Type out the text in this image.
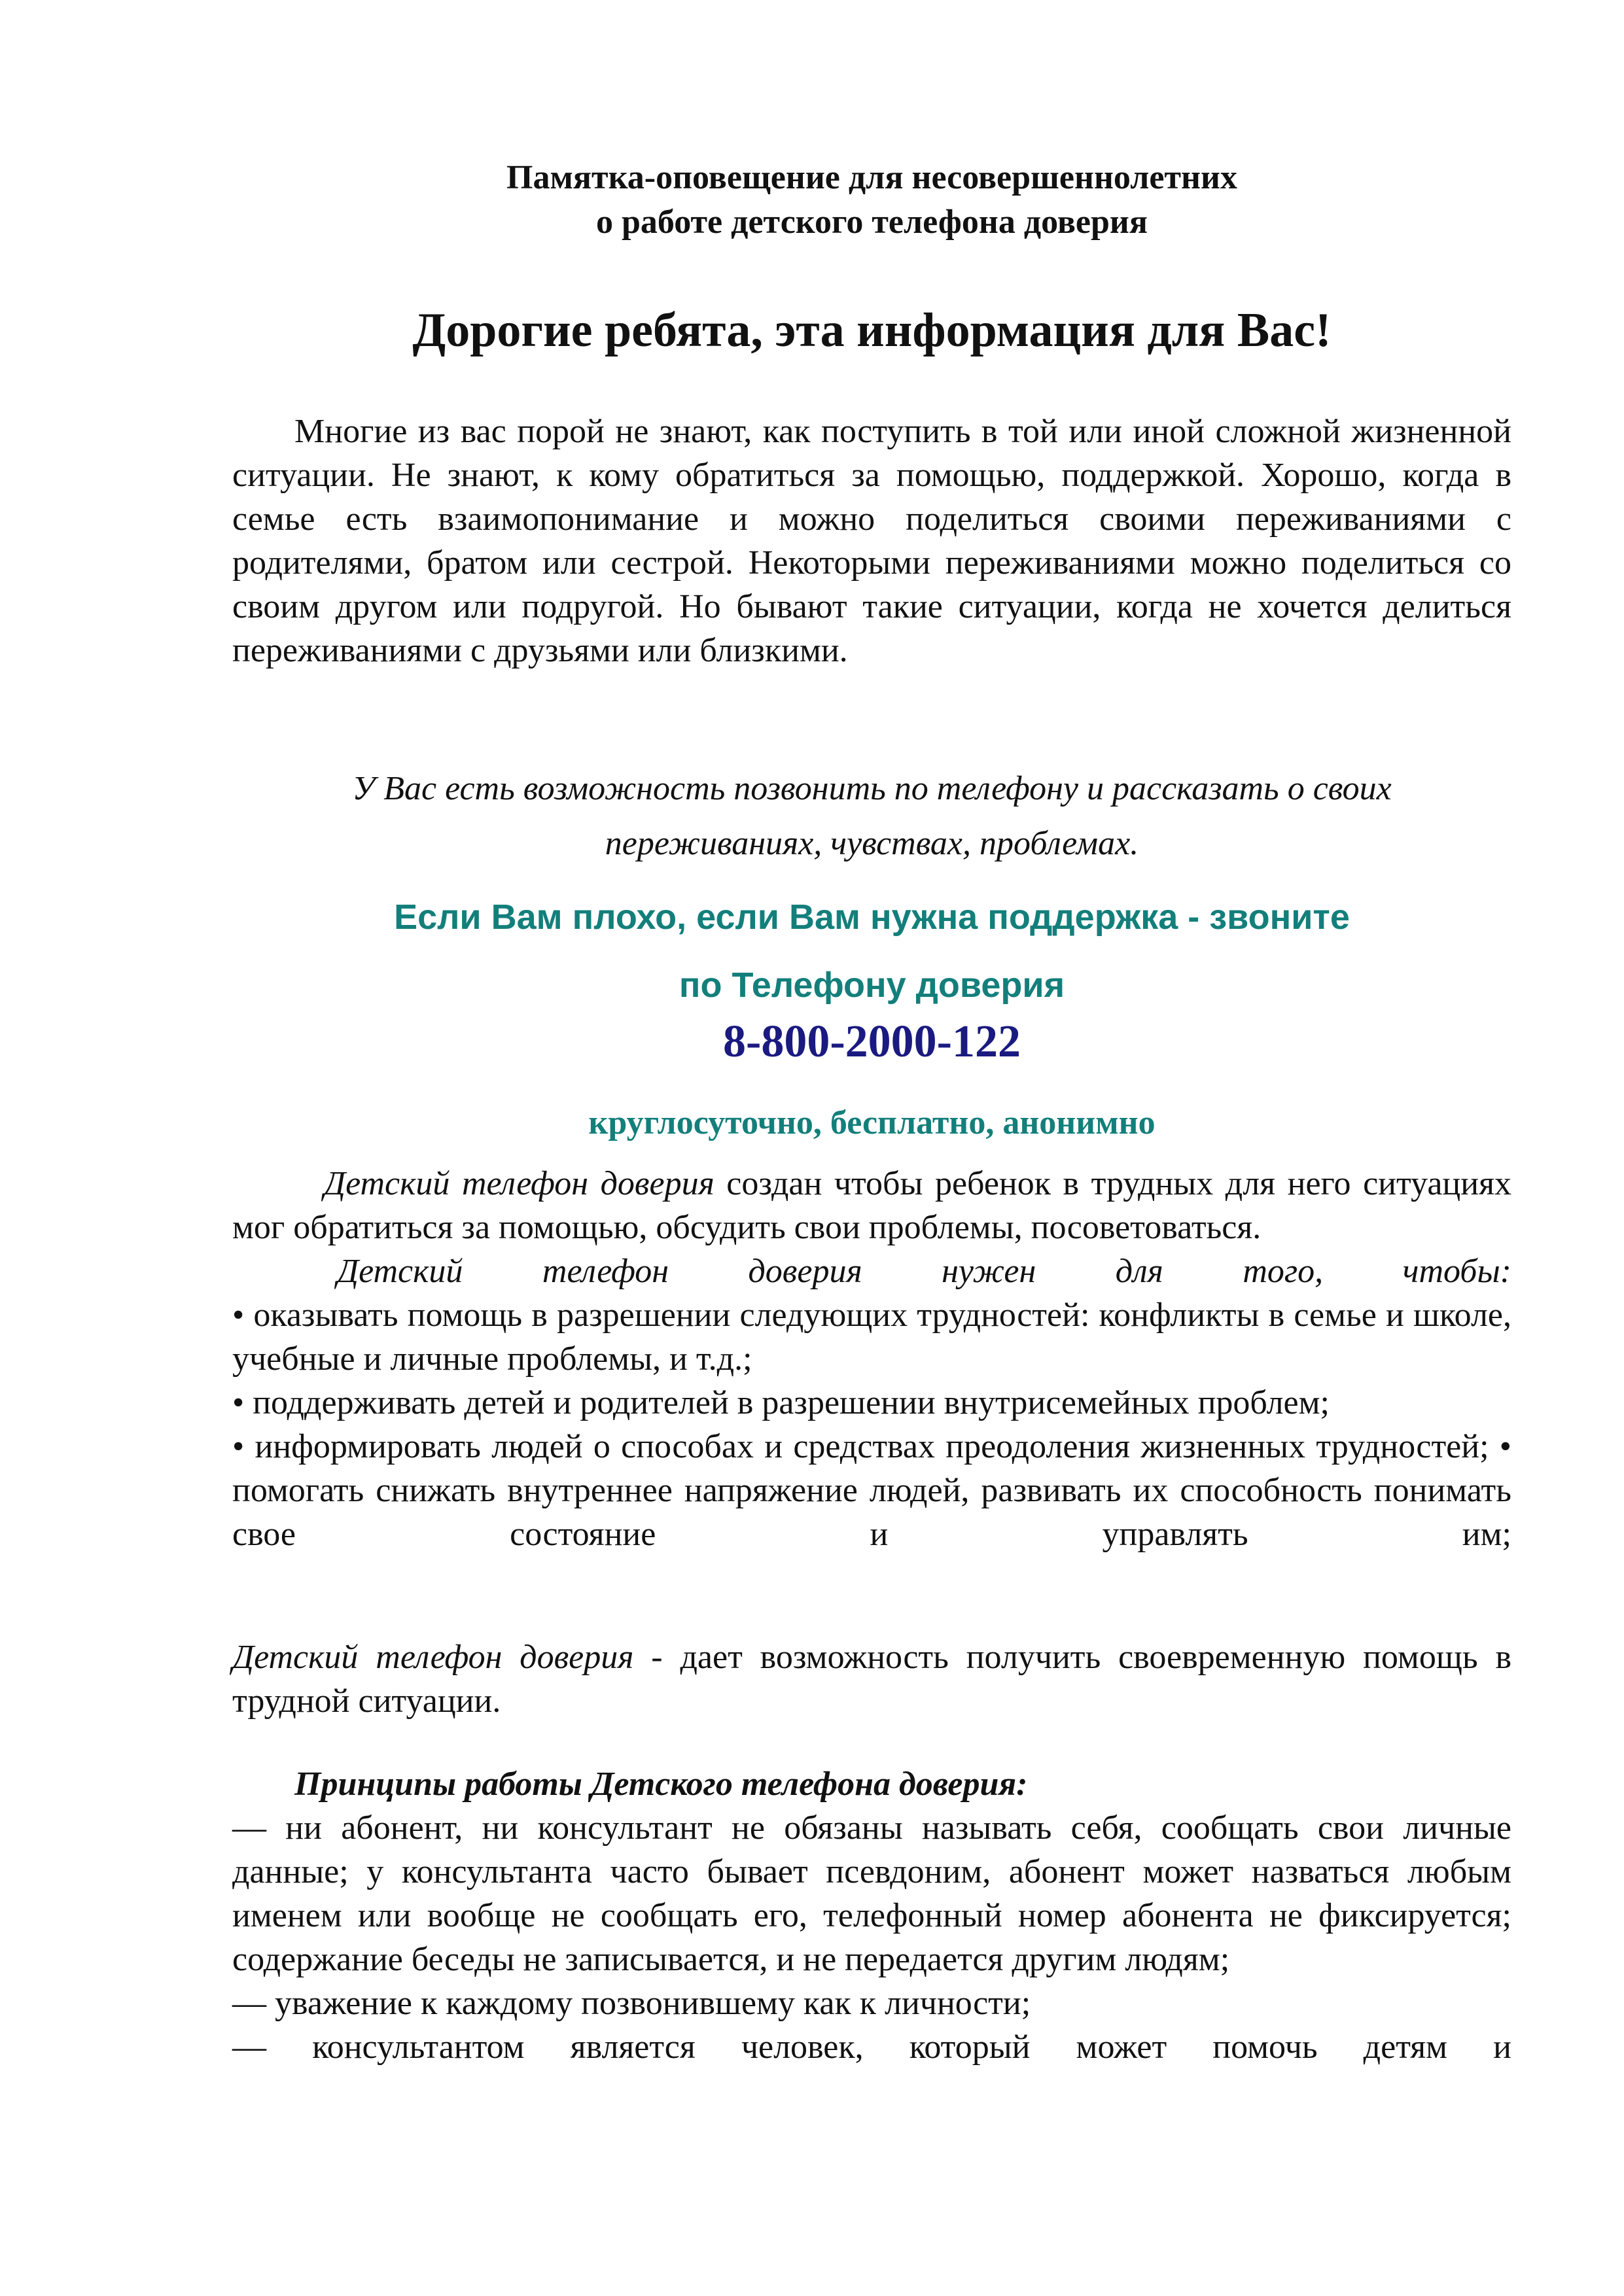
Памятка-оповещение для несовершеннолетних
о работе детского телефона доверия
Дорогие ребята, эта информация для Вас!

Многие из вас порой не знают, как поступить в той или иной сложной жизненной ситуации. Не знают, к кому обратиться за помощью, поддержкой. Хорошо, когда в семье есть взаимопонимание и можно поделиться своими переживаниями с родителями, братом или сестрой. Некоторыми переживаниями можно поделиться со своим другом или подругой. Но бывают такие ситуации, когда не хочется делиться переживаниями с друзьями или близкими.

У Вас есть возможность позвонить по телефону и рассказать о своих
переживаниях, чувствах, проблемах.
Если Вам плохо, если Вам нужна поддержка - звоните
по Телефону доверия
8-800-2000-122
круглосуточно, бесплатно, анонимно

Детский телефон доверия создан чтобы ребенок в трудных для него ситуациях мог обратиться за помощью, обсудить свои проблемы, посоветоваться.

Детский телефон доверия нужен для того, чтобы:

• оказывать помощь в разрешении следующих трудностей: конфликты в семье и школе, учебные и личные проблемы, и т.д.;

• поддерживать детей и родителей в разрешении внутрисемейных проблем;

• информировать людей о способах и средствах преодоления жизненных трудностей; • помогать снижать внутреннее напряжение людей, развивать их способность понимать свое состояние и управлять им;

Детский телефон доверия - дает возможность получить своевременную помощь в трудной ситуации.

Принципы работы Детского телефона доверия:

— ни абонент, ни консультант не обязаны называть себя, сообщать свои личные данные; у консультанта часто бывает псевдоним, абонент может назваться любым именем или вообще не сообщать его, телефонный номер абонента не фиксируется; содержание беседы не записывается, и не передается другим людям;

— уважение к каждому позвонившему как к личности;

— консультантом является человек, который может помочь детям и
